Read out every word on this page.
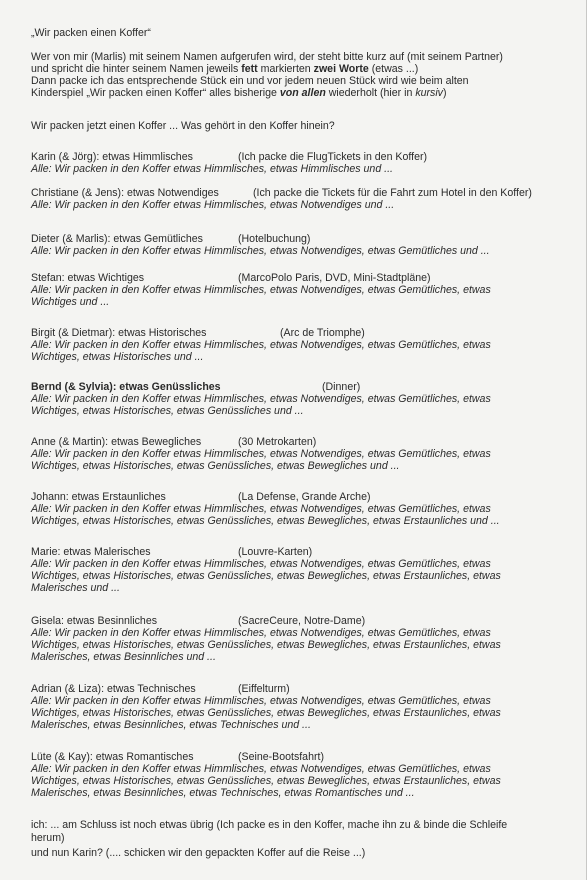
„Wir packen einen Koffer“
Wer von mir (Marlis) mit seinem Namen aufgerufen wird, der steht bitte kurz auf (mit seinem Partner)
und spricht die hinter seinem Namen jeweils fett markierten zwei Worte (etwas ...)
Dann packe ich das entsprechende Stück ein und vor jedem neuen Stück wird wie beim alten
Kinderspiel „Wir packen einen Koffer“ alles bisherige von allen wiederholt (hier in kursiv)
Wir packen jetzt einen Koffer ... Was gehört in den Koffer hinein?
Karin (& Jörg): etwas Himmlisches	(Ich packe die FlugTickets in den Koffer)
Alle: Wir packen in den Koffer etwas Himmlisches, etwas Himmlisches und ...
Christiane (& Jens): etwas Notwendiges	(Ich packe die Tickets für die Fahrt zum Hotel in den Koffer)
Alle: Wir packen in den Koffer etwas Himmlisches, etwas Notwendiges und ...
Dieter (& Marlis): etwas Gemütliches	(Hotelbuchung)
Alle: Wir packen in den Koffer etwas Himmlisches, etwas Notwendiges, etwas Gemütliches und ...
Stefan: etwas Wichtiges	(MarcoPolo Paris, DVD, Mini-Stadtpläne)
Alle: Wir packen in den Koffer etwas Himmlisches, etwas Notwendiges, etwas Gemütliches, etwas
Wichtiges und ...
Birgit (& Dietmar): etwas Historisches	(Arc de Triomphe)
Alle: Wir packen in den Koffer etwas Himmlisches, etwas Notwendiges, etwas Gemütliches, etwas
Wichtiges, etwas Historisches und ...
Bernd (& Sylvia): etwas Genüssliches	(Dinner)
Alle: Wir packen in den Koffer etwas Himmlisches, etwas Notwendiges, etwas Gemütliches, etwas
Wichtiges, etwas Historisches, etwas Genüssliches und ...
Anne (& Martin): etwas Bewegliches	(30 Metrokarten)
Alle: Wir packen in den Koffer etwas Himmlisches, etwas Notwendiges, etwas Gemütliches, etwas
Wichtiges, etwas Historisches, etwas Genüssliches, etwas Bewegliches und ...
Johann: etwas Erstaunliches	(La Defense, Grande Arche)
Alle: Wir packen in den Koffer etwas Himmlisches, etwas Notwendiges, etwas Gemütliches, etwas
Wichtiges, etwas Historisches, etwas Genüssliches, etwas Bewegliches, etwas Erstaunliches und ...
Marie: etwas Malerisches	(Louvre-Karten)
Alle: Wir packen in den Koffer etwas Himmlisches, etwas Notwendiges, etwas Gemütliches, etwas
Wichtiges, etwas Historisches, etwas Genüssliches, etwas Bewegliches, etwas Erstaunliches, etwas
Malerisches und ...
Gisela: etwas Besinnliches	(SacreCeure, Notre-Dame)
Alle: Wir packen in den Koffer etwas Himmlisches, etwas Notwendiges, etwas Gemütliches, etwas
Wichtiges, etwas Historisches, etwas Genüssliches, etwas Bewegliches, etwas Erstaunliches, etwas
Malerisches, etwas Besinnliches und ...
Adrian (& Liza): etwas Technisches	(Eiffelturm)
Alle: Wir packen in den Koffer etwas Himmlisches, etwas Notwendiges, etwas Gemütliches, etwas
Wichtiges, etwas Historisches, etwas Genüssliches, etwas Bewegliches, etwas Erstaunliches, etwas
Malerisches, etwas Besinnliches, etwas Technisches und ...
Lüte (& Kay): etwas Romantisches	(Seine-Bootsfahrt)
Alle: Wir packen in den Koffer etwas Himmlisches, etwas Notwendiges, etwas Gemütliches, etwas
Wichtiges, etwas Historisches, etwas Genüssliches, etwas Bewegliches, etwas Erstaunliches, etwas
Malerisches, etwas Besinnliches, etwas Technisches, etwas Romantisches und ...
ich: ... am Schluss ist noch etwas übrig (Ich packe es in den Koffer, mache ihn zu & binde die Schleife
herum)
und nun Karin? (.... schicken wir den gepackten Koffer auf die Reise ...)
